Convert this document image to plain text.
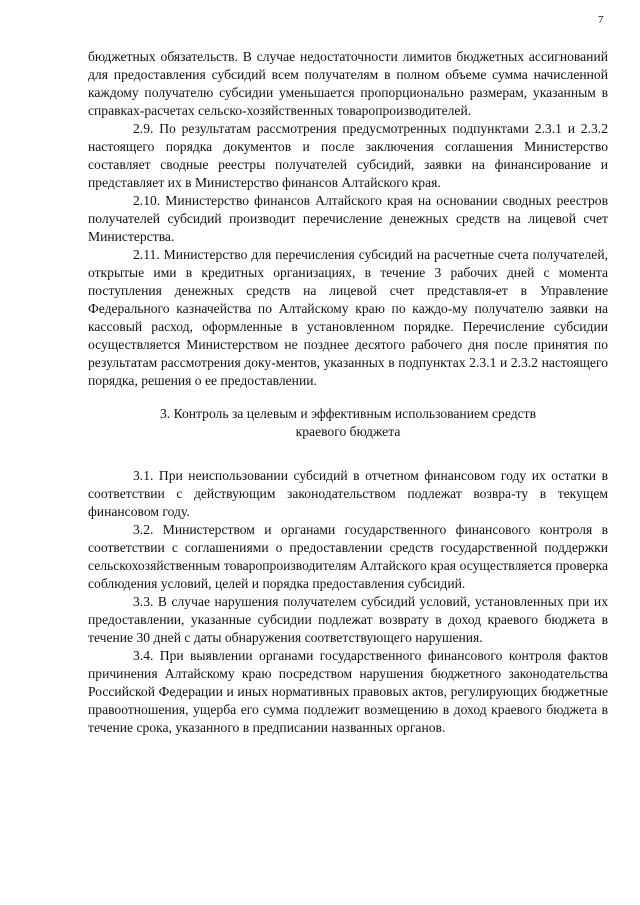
7

бюджетных обязательств. В случае недостаточности лимитов бюджетных ассигнований для предоставления субсидий всем получателям в полном объеме сумма начисленной каждому получателю субсидии уменьшается пропорционально размерам, указанным в справках-расчетах сельско-хозяйственных товаропроизводителей.

2.9. По результатам рассмотрения предусмотренных подпунктами 2.3.1 и 2.3.2 настоящего порядка документов и после заключения соглашения Министерство составляет сводные реестры получателей субсидий, заявки на финансирование и представляет их в Министерство финансов Алтайского края.

2.10. Министерство финансов Алтайского края на основании сводных реестров получателей субсидий производит перечисление денежных средств на лицевой счет Министерства.

2.11. Министерство для перечисления субсидий на расчетные счета получателей, открытые ими в кредитных организациях, в течение 3 рабочих дней с момента поступления денежных средств на лицевой счет представля-ет в Управление Федерального казначейства по Алтайскому краю по каждо-му получателю заявки на кассовый расход, оформленные в установленном порядке. Перечисление субсидии осуществляется Министерством не позднее десятого рабочего дня после принятия по результатам рассмотрения доку-ментов, указанных в подпунктах 2.3.1 и 2.3.2 настоящего порядка, решения о ее предоставлении.

3. Контроль за целевым и эффективным использованием средств
краевого бюджета

3.1. При неиспользовании субсидий в отчетном финансовом году их остатки в соответствии с действующим законодательством подлежат возвра-ту в текущем финансовом году.

3.2. Министерством и органами государственного финансового контроля в соответствии с соглашениями о предоставлении средств государственной поддержки сельскохозяйственным товаропроизводителям Алтайского края осуществляется проверка соблюдения условий, целей и порядка предоставления субсидий.

3.3. В случае нарушения получателем субсидий условий, установленных при их предоставлении, указанные субсидии подлежат возврату в доход краевого бюджета в течение 30 дней с даты обнаружения соответствующего нарушения.

3.4. При выявлении органами государственного финансового контроля фактов причинения Алтайскому краю посредством нарушения бюджетного законодательства Российской Федерации и иных нормативных правовых актов, регулирующих бюджетные правоотношения, ущерба его сумма подлежит возмещению в доход краевого бюджета в течение срока, указанного в предписании названных органов.
